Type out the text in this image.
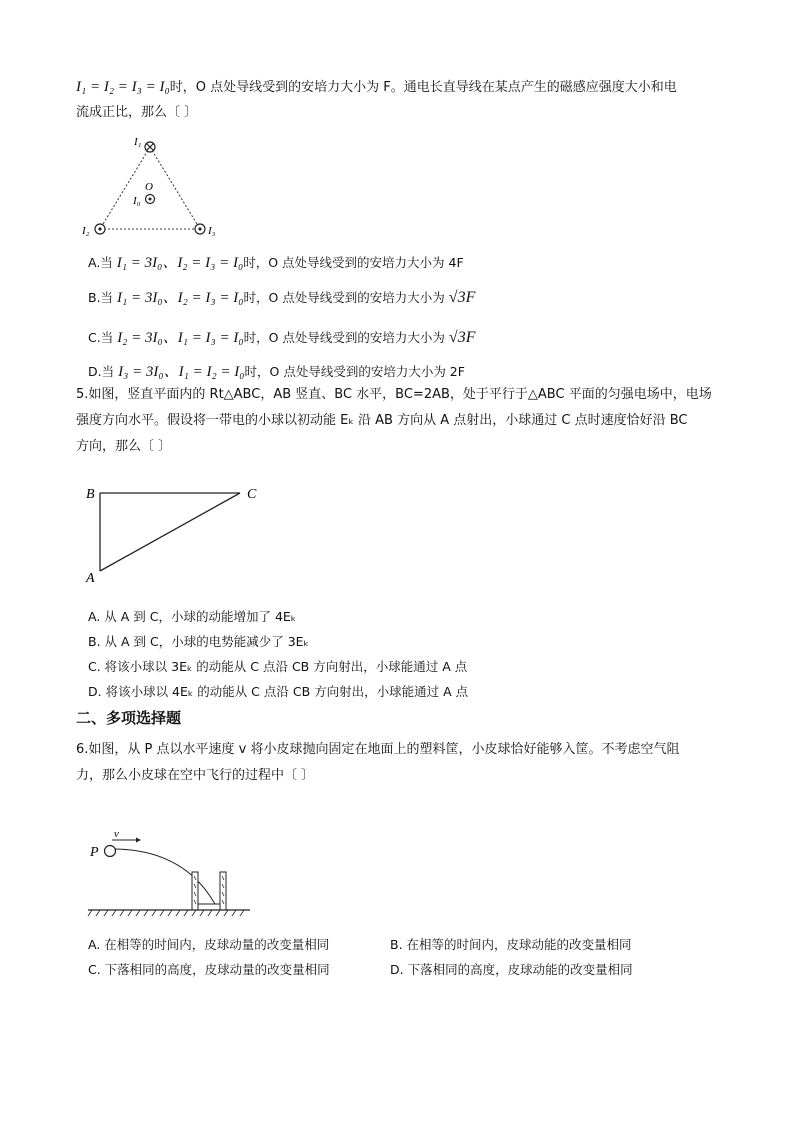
I₁ = I₂ = I₃ = I₀时，O 点处导线受到的安培力大小为 F。通电长直导线在某点产生的磁感应强度大小和电
流成正比，那么〔 〕
I₁
I₂	I₃
O
I₀
A.当 I₁ = 3I₀、I₂ = I₃ = I₀时，O 点处导线受到的安培力大小为 4F
B.当 I₁ = 3I₀、I₂ = I₃ = I₀时，O 点处导线受到的安培力大小为 √3F
C.当 I₂ = 3I₀、I₁ = I₃ = I₀时，O 点处导线受到的安培力大小为 √3F
D.当 I₃ = 3I₀、I₁ = I₂ = I₀时，O 点处导线受到的安培力大小为 2F
5.如图，竖直平面内的 Rt△ABC，AB 竖直、BC 水平，BC=2AB，处于平行于△ABC 平面的匀强电场中，电场
强度方向水平。假设将一带电的小球以初动能 Eₖ 沿 AB 方向从 A 点射出，小球通过 C 点时速度恰好沿 BC
方向，那么〔 〕
B	C
A
A. 从 A 到 C，小球的动能增加了 4Eₖ
B. 从 A 到 C，小球的电势能减少了 3Eₖ
C. 将该小球以 3Eₖ 的动能从 C 点沿 CB 方向射出，小球能通过 A 点
D. 将该小球以 4Eₖ 的动能从 C 点沿 CB 方向射出，小球能通过 A 点
二、多项选择题
6.如图，从 P 点以水平速度 v 将小皮球抛向固定在地面上的塑料筐，小皮球恰好能够入筐。不考虑空气阻
力，那么小皮球在空中飞行的过程中〔 〕
v
P
A. 在相等的时间内，皮球动量的改变量相同	B. 在相等的时间内，皮球动能的改变量相同
C. 下落相同的高度，皮球动量的改变量相同	D. 下落相同的高度，皮球动能的改变量相同
